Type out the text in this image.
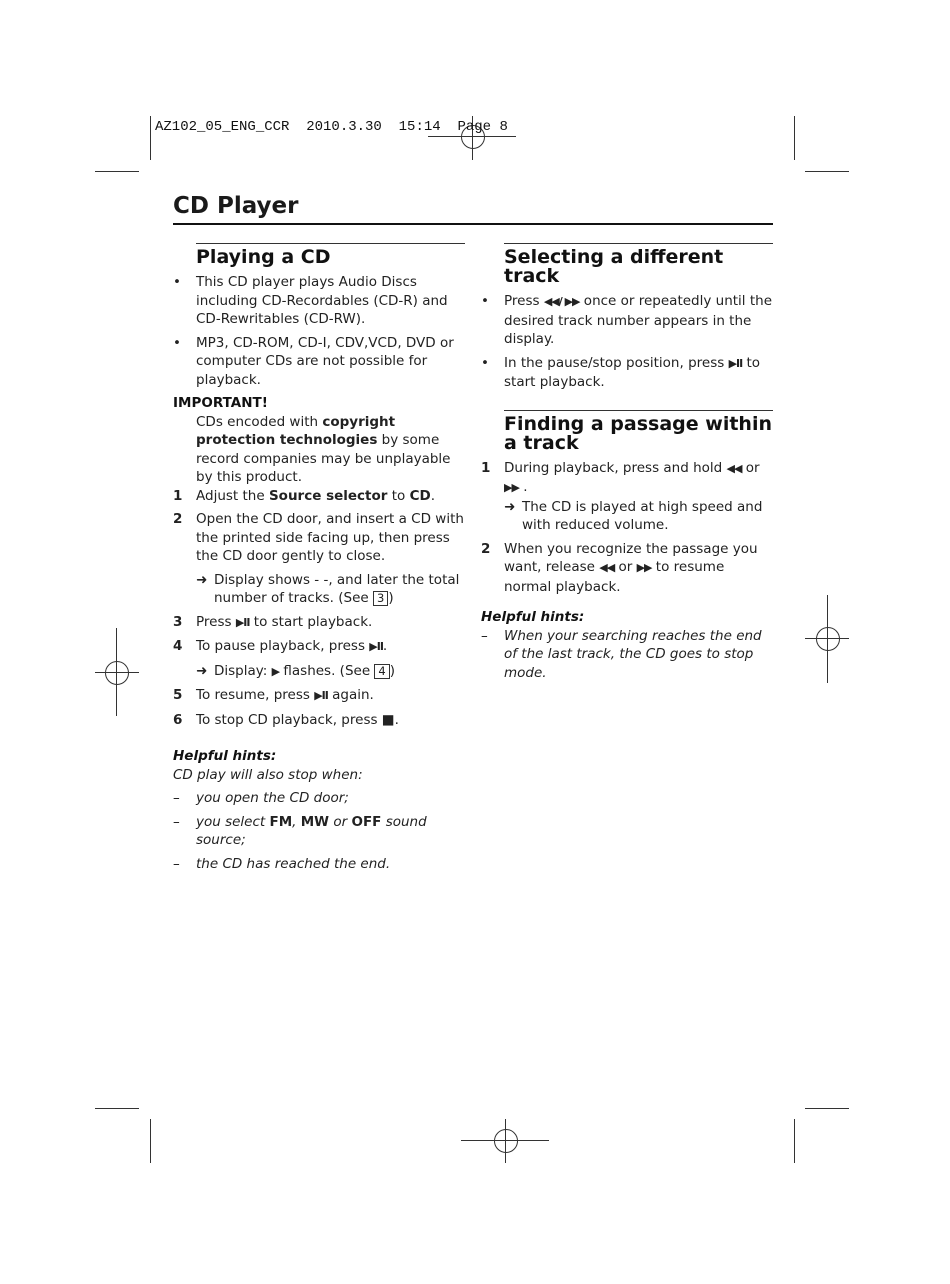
AZ102_05_ENG_CCR  2010.3.30  15:14  Page 8
CD Player
Playing a CD
•	This CD player plays Audio Discs including CD-Recordables (CD-R) and CD-Rewritables (CD-RW).

•	MP3, CD-ROM, CD-I, CDV,VCD, DVD or computer CDs are not possible for playback.

IMPORTANT!

CDs encoded with copyright protection technologies by some record companies may be unplayable by this product.

1	Adjust the Source selector to CD.

2	Open the CD door, and insert a CD with the printed side facing up, then press the CD door gently to close.

➜ Display shows - -, and later the total number of tracks. (See 3 )

3	Press ▶II to start playback.

4	To pause playback, press ▶II.

➜ Display: ▶ flashes. (See 4 )

5	To resume, press ▶II again.

6	To stop CD playback, press ■.

Helpful hints:

CD play will also stop when:

–	you open the CD door;

–	you select FM, MW or OFF sound source;

–	the CD has reached the end.

Selecting a different track
•	Press ◀◀/ ▶▶ once or repeatedly until the desired track number appears in the display.

•	In the pause/stop position, press ▶II to start playback.

Finding a passage within a track
1	During playback, press and hold ◀◀ or ▶▶ .

➜ The CD is played at high speed and with reduced volume.

2	When you recognize the passage you want, release ◀◀ or ▶▶ to resume normal playback.

Helpful hints:

–	When your searching reaches the end of the last track, the CD goes to stop mode.
